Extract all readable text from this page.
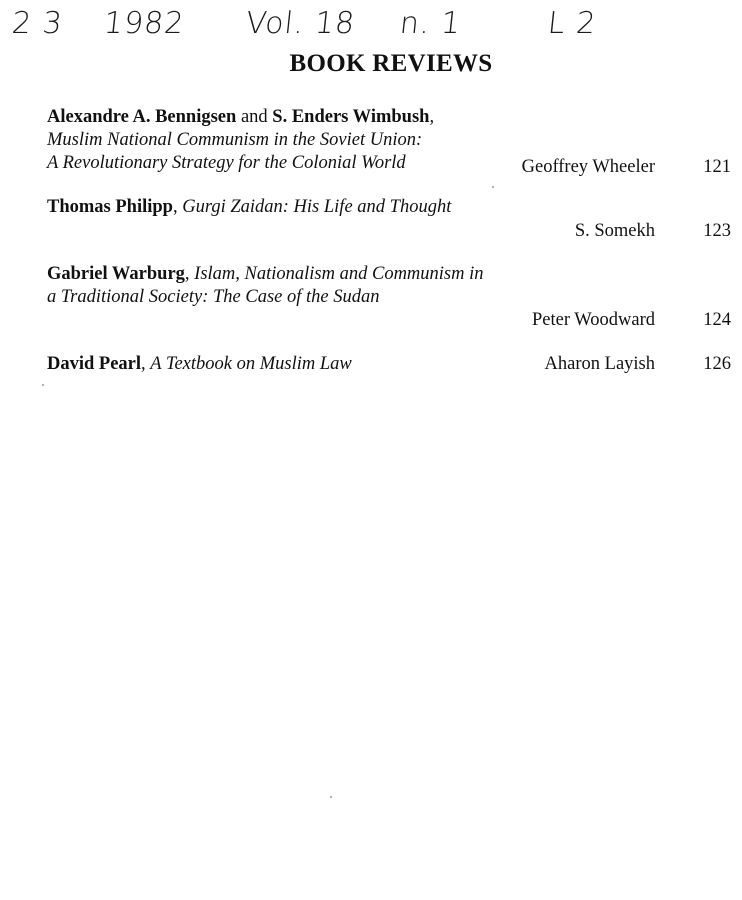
2 3 1982 Vol. 18 n. 1	L 2
BOOK REVIEWS
Alexandre A. Bennigsen and S. Enders Wimbush,
Muslim National Communism in the Soviet Union:
A Revolutionary Strategy for the Colonial World	Geoffrey Wheeler	121
Thomas Philipp, Gurgi Zaidan: His Life and Thought
S. Somekh	123
Gabriel Warburg, Islam, Nationalism and Communism in a Traditional Society: The Case of the Sudan
Peter Woodward	124
David Pearl, A Textbook on Muslim Law	Aharon Layish	126
